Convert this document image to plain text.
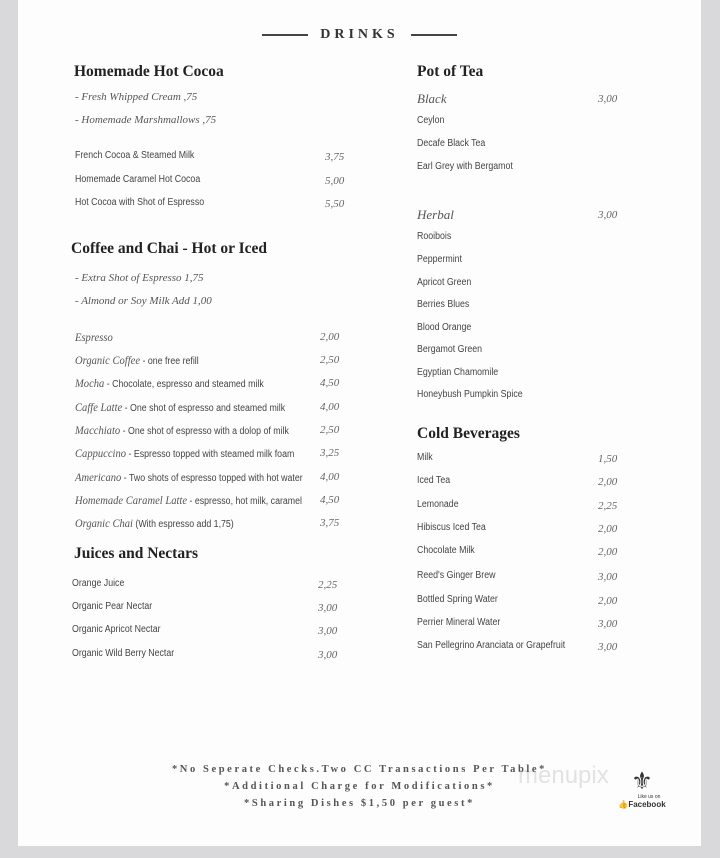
DRINKS
menupix ⚜
Like us on
👍Facebook
Homemade Hot Cocoa
- Fresh Whipped Cream ,75
- Homemade Marshmallows ,75
French Cocoa & Steamed Milk	3,75
Homemade Caramel Hot Cocoa	5,00
Hot Cocoa with Shot of Espresso	5,50
Coffee and Chai - Hot or Iced
- Extra Shot of Espresso 1,75
- Almond or Soy Milk Add 1,00
Espresso	2,00
Organic Coffee - one free refill	2,50
Mocha - Chocolate, espresso and steamed milk	4,50
Caffe Latte - One shot of espresso and steamed milk	4,00
Macchiato - One shot of espresso with a dolop of milk	2,50
Cappuccino - Espresso topped with steamed milk foam 3,25
Americano - Two shots of espresso topped with hot water 4,00
Homemade Caramel Latte - espresso, hot milk, caramel 4,50
Organic Chai (With espresso add 1,75)	3,75
Juices and Nectars
Orange Juice	2,25
Organic Pear Nectar	3,00
Organic Apricot Nectar	3,00
Organic Wild Berry Nectar	3,00
Pot of Tea
Black	3,00
Ceylon
Decafe Black Tea
Earl Grey with Bergamot
Herbal	3,00
Rooibois
Peppermint
Apricot Green
Berries Blues
Blood Orange
Bergamot Green
Egyptian Chamomile
Honeybush Pumpkin Spice
Cold Beverages
Milk	1,50
Iced Tea	2,00
Lemonade	2,25
Hibiscus Iced Tea	2,00
Chocolate Milk	2,00
Reed's Ginger Brew	3,00
Bottled Spring Water	2,00
Perrier Mineral Water	3,00
San Pellegrino Aranciata or Grapefruit	3,00
*No Seperate Checks.Two CC Transactions Per Table*
*Additional Charge for Modifications*
*Sharing Dishes $1,50 per guest*
